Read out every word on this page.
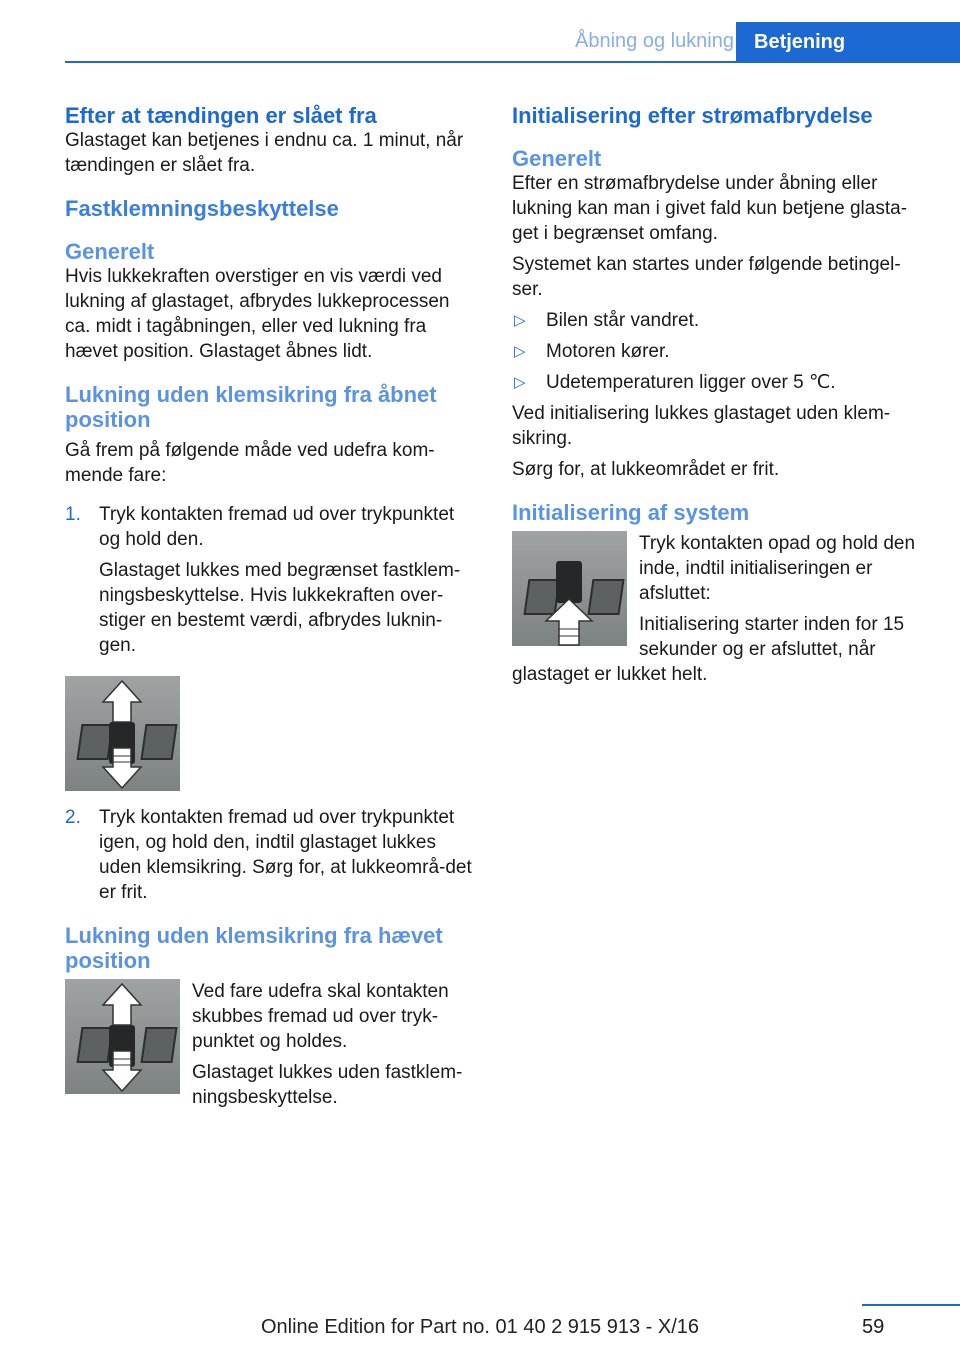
Åbning og lukning	Betjening
Efter at tændingen er slået fra

Glastaget kan betjenes i endnu ca. 1 minut, når tændingen er slået fra.

Fastklemningsbeskyttelse
Generelt

Hvis lukkekraften overstiger en vis værdi ved lukning af glastaget, afbrydes lukkeprocessen ca. midt i tagåbningen, eller ved lukning fra hævet position. Glastaget åbnes lidt.

Lukning uden klemsikring fra åbnet position

Gå frem på følgende måde ved udefra kom‐mende fare:

1. Tryk kontakten fremad ud over trykpunktet og hold den.
Glastaget lukkes med begrænset fastklem‐ningsbeskyttelse. Hvis lukkekraften over‐stiger en bestemt værdi, afbrydes luknin‐gen.
2. Tryk kontakten fremad ud over trykpunktet igen, og hold den, indtil glastaget lukkes uden klemsikring. Sørg for, at lukkeområ‐det er frit.
Lukning uden klemsikring fra hævet position

Ved fare udefra skal kontakten skubbes fremad ud over tryk‐punktet og holdes.

Glastaget lukkes uden fastklem‐ningsbeskyttelse.

Initialisering efter strømafbrydelse
Generelt

Efter en strømafbrydelse under åbning eller lukning kan man i givet fald kun betjene glasta‐get i begrænset omfang.

Systemet kan startes under følgende betingel‐ser.

▷ Bilen står vandret.
▷ Motoren kører.
▷ Udetemperaturen ligger over 5 ℃.

Ved initialisering lukkes glastaget uden klem‐sikring.

Sørg for, at lukkeområdet er frit.

Initialisering af system

Tryk kontakten opad og hold den inde, indtil initialiseringen er afsluttet:

Initialisering starter inden for 15 sekunder og er afsluttet, når glastaget er lukket helt.

Online Edition for Part no. 01 40 2 915 913 - X/16	59
